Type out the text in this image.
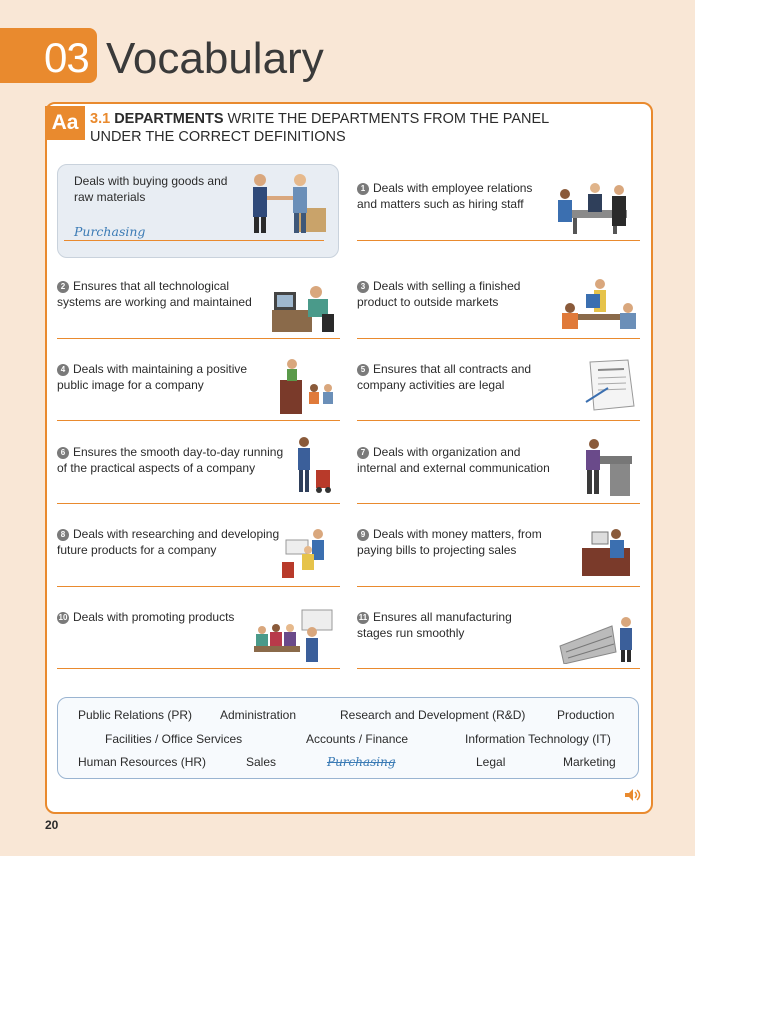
03 Vocabulary
Aa 3.1 DEPARTMENTS WRITE THE DEPARTMENTS FROM THE PANEL
UNDER THE CORRECT DEFINITIONS
Deals with buying goods and
raw materials
Purchasing
1 Deals with employee relations
and matters such as hiring staff
2 Ensures that all technological
systems are working and maintained
3 Deals with selling a finished
product to outside markets
4 Deals with maintaining a positive
public image for a company
5 Ensures that all contracts and
company activities are legal
6 Ensures the smooth day-to-day running
of the practical aspects of a company
7 Deals with organization and
internal and external communication
8 Deals with researching and developing
future products for a company
9 Deals with money matters, from
paying bills to projecting sales
10 Deals with promoting products	11 Ensures all manufacturing
stages run smoothly
Public Relations (PR) Administration	Research and Development (R&D)	Production
Facilities / Office Services	Accounts / Finance	Information Technology (IT)
Human Resources (HR)	Sales	Purchasing	Legal	Marketing
20
